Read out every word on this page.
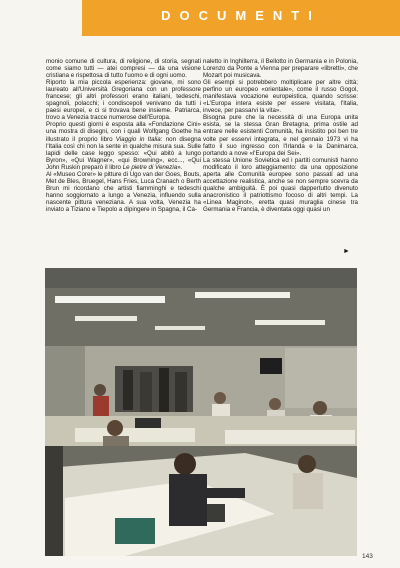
DOCUMENTI

monio comune di cultura, di religione, di storia, segnati come siamo tutti — atei compresi — da una visione cristiana e rispettosa di tutto l'uomo e di ogni uomo.

Riporto la mia piccola esperienza: giovane, mi sono laureato all'Università Gregoriana con un professore francese; gli altri professori erano italiani, tedeschi, spagnoli, polacchi; i condiscepoli venivano da tutti i paesi europei, e ci si trovava bene insieme. Patriarca, trovo a Venezia tracce numerose dell'Europa.

Proprio questi giorni è esposta alla «Fondazione Cini» una mostra di disegni, con i quali Wolfgang Goethe ha illustrato il proprio libro Viaggio in Italia: non disegna l'Italia così chi non la sente in qualche misura sua. Sulle lapidi delle case leggo spesso: «Qui abitò a lungo Byron», «Qui Wagner», «qui Browning», ecc..., «Qui John Ruskin preparò il libro Le pietre di Venezia».

Al «Museo Corer» le pitture di Ugo van der Goes, Bouts, Met de Bles, Bruegel, Hans Fries, Luca Cranach o Berth Brun mi ricordano che artisti fiamminghi e tedeschi hanno soggiornato a lungo a Venezia, influendo sulla nascente pittura veneziana. A sua volta, Venezia ha inviato a Tiziano e Tiepolo a dipingere in Spagna, il Ca-

naletto in Inghilterra, il Bellotto in Germania e in Polonia, Lorenzo da Ponte a Vienna per preparare «libretti», che Mozart poi musicava.

Gli esempi si potrebbero moltiplicare per altre città; perfino un europeo «orientale», come il russo Gogol, manifestava vocazione europeistica, quando scrisse: «L'Europa intera esiste per essere visitata, l'Italia, invece, per passarvi la vita».

Bisogna pure che la necessità di una Europa unita esista, se la stessa Gran Bretagna, prima ostile ad entrare nelle esistenti Comunità, ha insistito poi ben tre volte per esservi integrata, e nel gennaio 1973 vi ha fatto il suo ingresso con l'Irlanda e la Danimarca, portando a nove «l'Europa dei Sei».

La stessa Unione Sovietica ed i partiti comunisti hanno modificato il loro atteggiamento: da una opposizione aperta alle Comunità europee sono passati ad una accettazione realistica, anche se non sempre scevra da qualche ambiguità. È poi quasi dappertutto divenuto anacronistico il patriottismo focoso di altri tempi. La «Linea Maginot», eretta quasi muraglia cinese tra Germania e Francia, è diventata oggi quasi un

►
143
